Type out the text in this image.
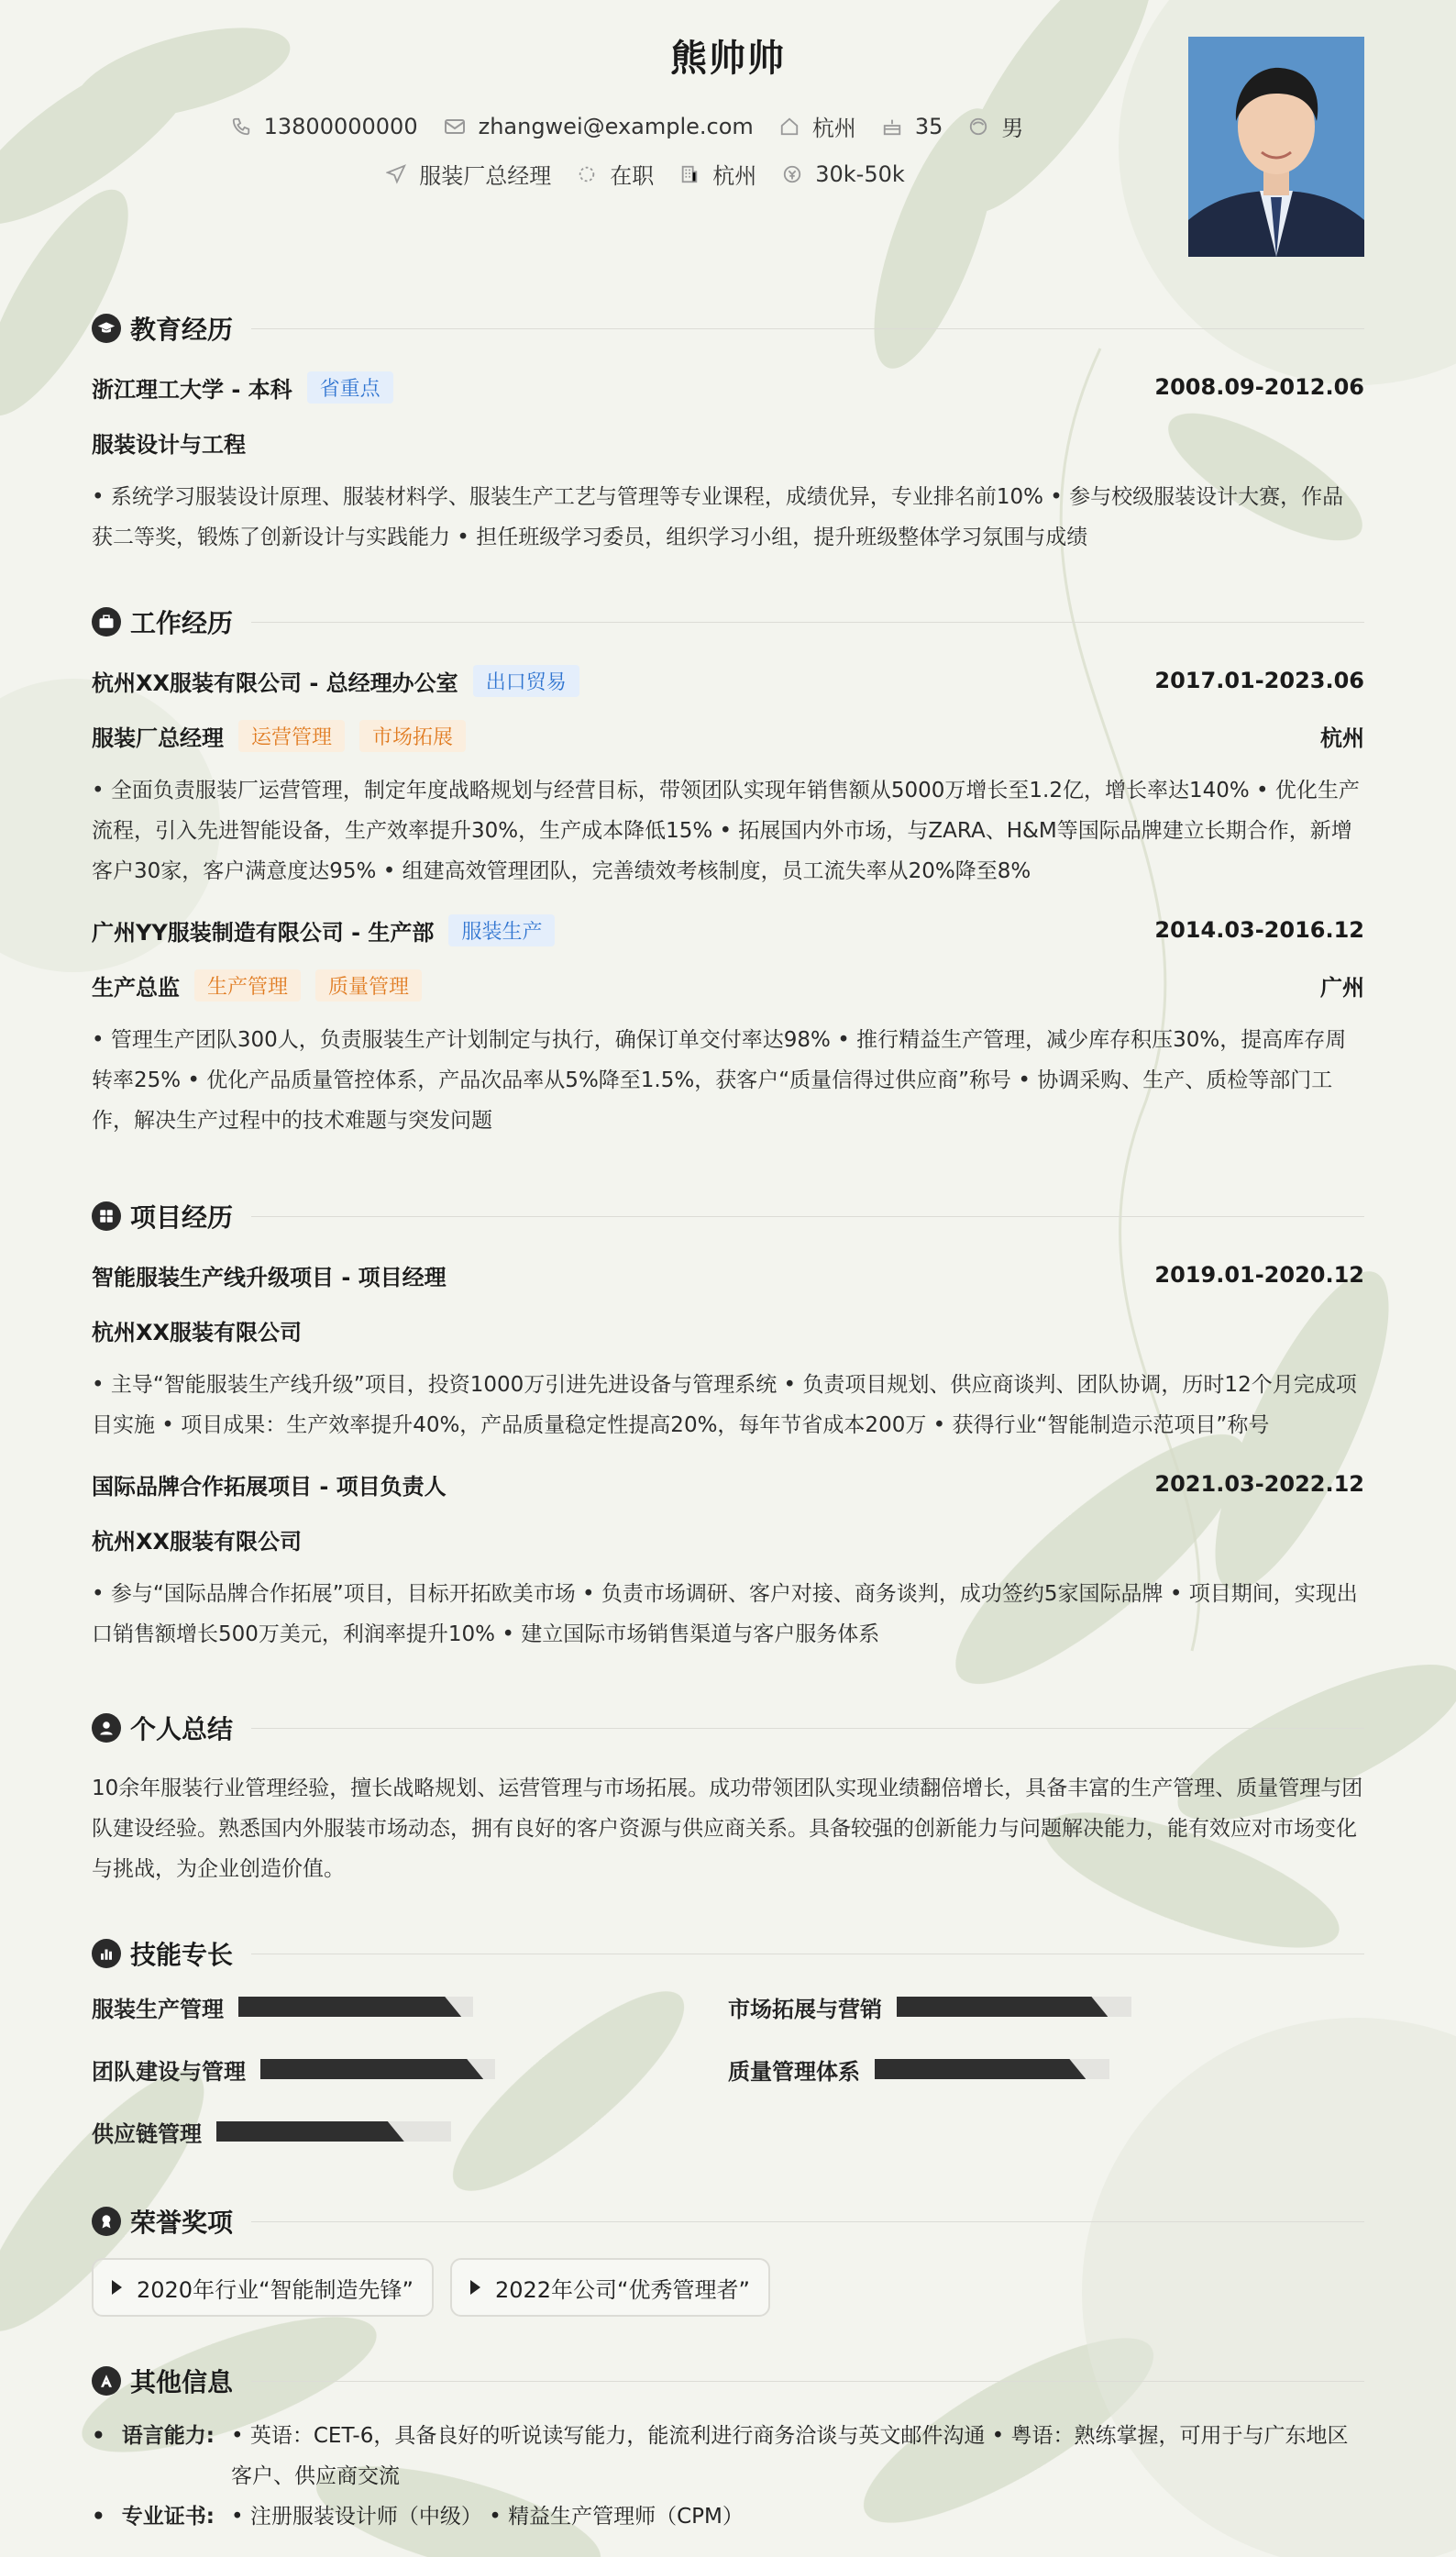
熊帅帅
13800000000	zhangwei@example.com	杭州	35	男
服装厂总经理	在职	杭州	30k-50k
教育经历
浙江理工大学 - 本科	省重点	2008.09-2012.06
服装设计与工程
• 系统学习服装设计原理、服装材料学、服装生产工艺与管理等专业课程，成绩优异，专业排名前10% • 参与校级服装设计大赛，作品获二等奖，锻炼了创新设计与实践能力 • 担任班级学习委员，组织学习小组，提升班级整体学习氛围与成绩
工作经历
杭州XX服装有限公司 - 总经理办公室	出口贸易	2017.01-2023.06
服装厂总经理	运营管理	市场拓展	杭州
• 全面负责服装厂运营管理，制定年度战略规划与经营目标，带领团队实现年销售额从5000万增长至1.2亿，增长率达140% • 优化生产流程，引入先进智能设备，生产效率提升30%，生产成本降低15% • 拓展国内外市场，与ZARA、H&M等国际品牌建立长期合作，新增客户30家，客户满意度达95% • 组建高效管理团队，完善绩效考核制度，员工流失率从20%降至8%
广州YY服装制造有限公司 - 生产部	服装生产	2014.03-2016.12
生产总监	生产管理	质量管理	广州
• 管理生产团队300人，负责服装生产计划制定与执行，确保订单交付率达98% • 推行精益生产管理，减少库存积压30%，提高库存周转率25% • 优化产品质量管控体系，产品次品率从5%降至1.5%，获客户“质量信得过供应商”称号 • 协调采购、生产、质检等部门工作，解决生产过程中的技术难题与突发问题
项目经历
智能服装生产线升级项目 - 项目经理	2019.01-2020.12
杭州XX服装有限公司
• 主导“智能服装生产线升级”项目，投资1000万引进先进设备与管理系统 • 负责项目规划、供应商谈判、团队协调，历时12个月完成项目实施 • 项目成果：生产效率提升40%，产品质量稳定性提高20%，每年节省成本200万 • 获得行业“智能制造示范项目”称号
国际品牌合作拓展项目 - 项目负责人	2021.03-2022.12
杭州XX服装有限公司
• 参与“国际品牌合作拓展”项目，目标开拓欧美市场 • 负责市场调研、客户对接、商务谈判，成功签约5家国际品牌 • 项目期间，实现出口销售额增长500万美元，利润率提升10% • 建立国际市场销售渠道与客户服务体系
个人总结
10余年服装行业管理经验，擅长战略规划、运营管理与市场拓展。成功带领团队实现业绩翻倍增长，具备丰富的生产管理、质量管理与团队建设经验。熟悉国内外服装市场动态，拥有良好的客户资源与供应商关系。具备较强的创新能力与问题解决能力，能有效应对市场变化与挑战，为企业创造价值。
技能专长
服装生产管理	市场拓展与营销
团队建设与管理	质量管理体系
供应链管理
荣誉奖项
2020年行业“智能制造先锋”	2022年公司“优秀管理者”
其他信息
• 语言能力: • 英语：CET-6，具备良好的听说读写能力，能流利进行商务洽谈与英文邮件沟通 • 粤语：熟练掌握，可用于与广东地区客户、供应商交流
• 专业证书: • 注册服装设计师（中级） • 精益生产管理师（CPM）
